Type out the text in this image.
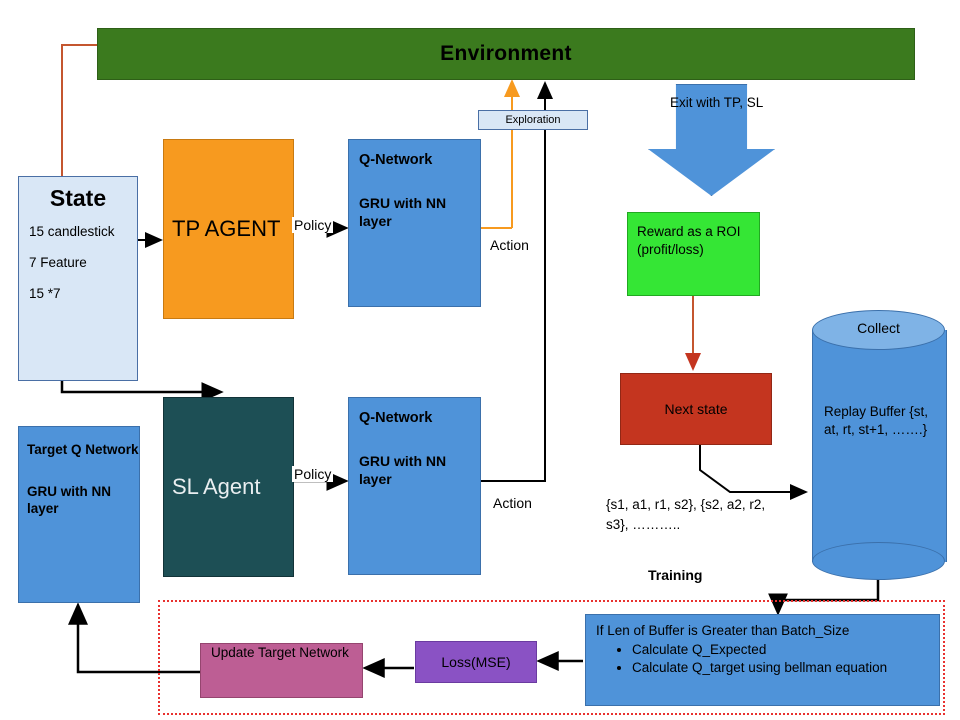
Environment
State
15 candlestick
7 Feature
15 *7
TP AGENT
Q-Network
GRU with NN layer
SL Agent
Q-Network
GRU with NN layer
Target Q Network
GRU with NN layer
Exploration
Exit with TP, SL
Reward as a ROI (profit/loss)
Next state
{s1, a1, r1, s2}, {s2, a2, r2, s3}, ………..
Training
Collect
Replay Buffer {st, at, rt, st+1, …….}
If Len of Buffer is Greater than Batch_Size
• Calculate Q_Expected
• Calculate Q_target using bellman equation
Loss(MSE)
Update Target Network
Policy
Policy
Action
Action
